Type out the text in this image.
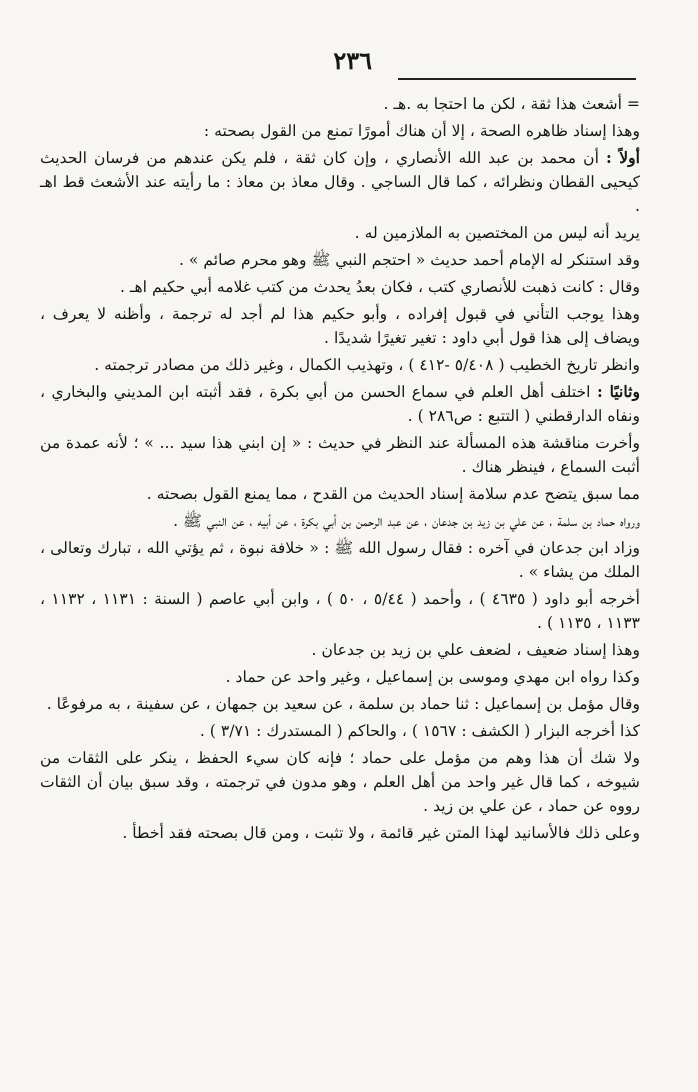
٢٣٦

= أشعث هذا ثقة ، لكن ما احتجا به .هـ .

وهذا إسناد ظاهره الصحة ، إلا أن هناك أمورًا تمنع من القول بصحته :

أولاً : أن محمد بن عبد الله الأنصاري ، وإن كان ثقة ، فلم يكن عندهم من فرسان الحديث كيحيى القطان ونظرائه ، كما قال الساجي . وقال معاذ بن معاذ : ما رأيته عند الأشعث قط اهـ .

يريد أنه ليس من المختصين به الملازمين له .

وقد استنكر له الإمام أحمد حديث « احتجم النبي ﷺ وهو محرم صائم » .

وقال : كانت ذهبت للأنصاري كتب ، فكان بعدُ يحدث من كتب غلامه أبي حكيم اهـ .

وهذا يوجب التأني في قبول إفراده ، وأبو حكيم هذا لم أجد له ترجمة ، وأظنه لا يعرف ، ويضاف إلى هذا قول أبي داود : تغير تغيرًا شديدًا .

وانظر تاريخ الخطيب ( ٥/٤٠٨ -٤١٢ ) ، وتهذيب الكمال ، وغير ذلك من مصادر ترجمته .

وثانيًا : اختلف أهل العلم في سماع الحسن من أبي بكرة ، فقد أثبته ابن المديني والبخاري ، ونفاه الدارقطني ( التتبع : ص٢٨٦ ) .

وأخرت مناقشة هذه المسألة عند النظر في حديث : « إن ابني هذا سيد ... » ؛ لأنه عمدة من أثبت السماع ، فينظر هناك .

مما سبق يتضح عدم سلامة إسناد الحديث من القدح ، مما يمنع القول بصحته .

ورواه حماد بن سلمة ، عن علي بن زيد بن جدعان ، عن عبد الرحمن بن أبي بكرة ، عن أبيه ، عن النبي ﷺ .

وزاد ابن جدعان في آخره : فقال رسول الله ﷺ : « خلافة نبوة ، ثم يؤتي الله ، تبارك وتعالى ، الملك من يشاء » .

أخرجه أبو داود ( ٤٦٣٥ ) ، وأحمد ( ٥/٤٤ ، ٥٠ ) ، وابن أبي عاصم ( السنة : ١١٣١ ، ١١٣٢ ، ١١٣٣ ، ١١٣٥ ) .

وهذا إسناد ضعيف ، لضعف علي بن زيد بن جدعان .

وكذا رواه ابن مهدي وموسى بن إسماعيل ، وغير واحد عن حماد .

وقال مؤمل بن إسماعيل : ثنا حماد بن سلمة ، عن سعيد بن جمهان ، عن سفينة ، به مرفوعًا .

كذا أخرجه البزار ( الكشف : ١٥٦٧ ) ، والحاكم ( المستدرك : ٣/٧١ ) .

ولا شك أن هذا وهم من مؤمل على حماد ؛ فإنه كان سيء الحفظ ، ينكر على الثقات من شيوخه ، كما قال غير واحد من أهل العلم ، وهو مدون في ترجمته ، وقد سبق بيان أن الثقات رووه عن حماد ، عن علي بن زيد .

وعلى ذلك فالأسانيد لهذا المتن غير قائمة ، ولا تثبت ، ومن قال بصحته فقد أخطأ .
